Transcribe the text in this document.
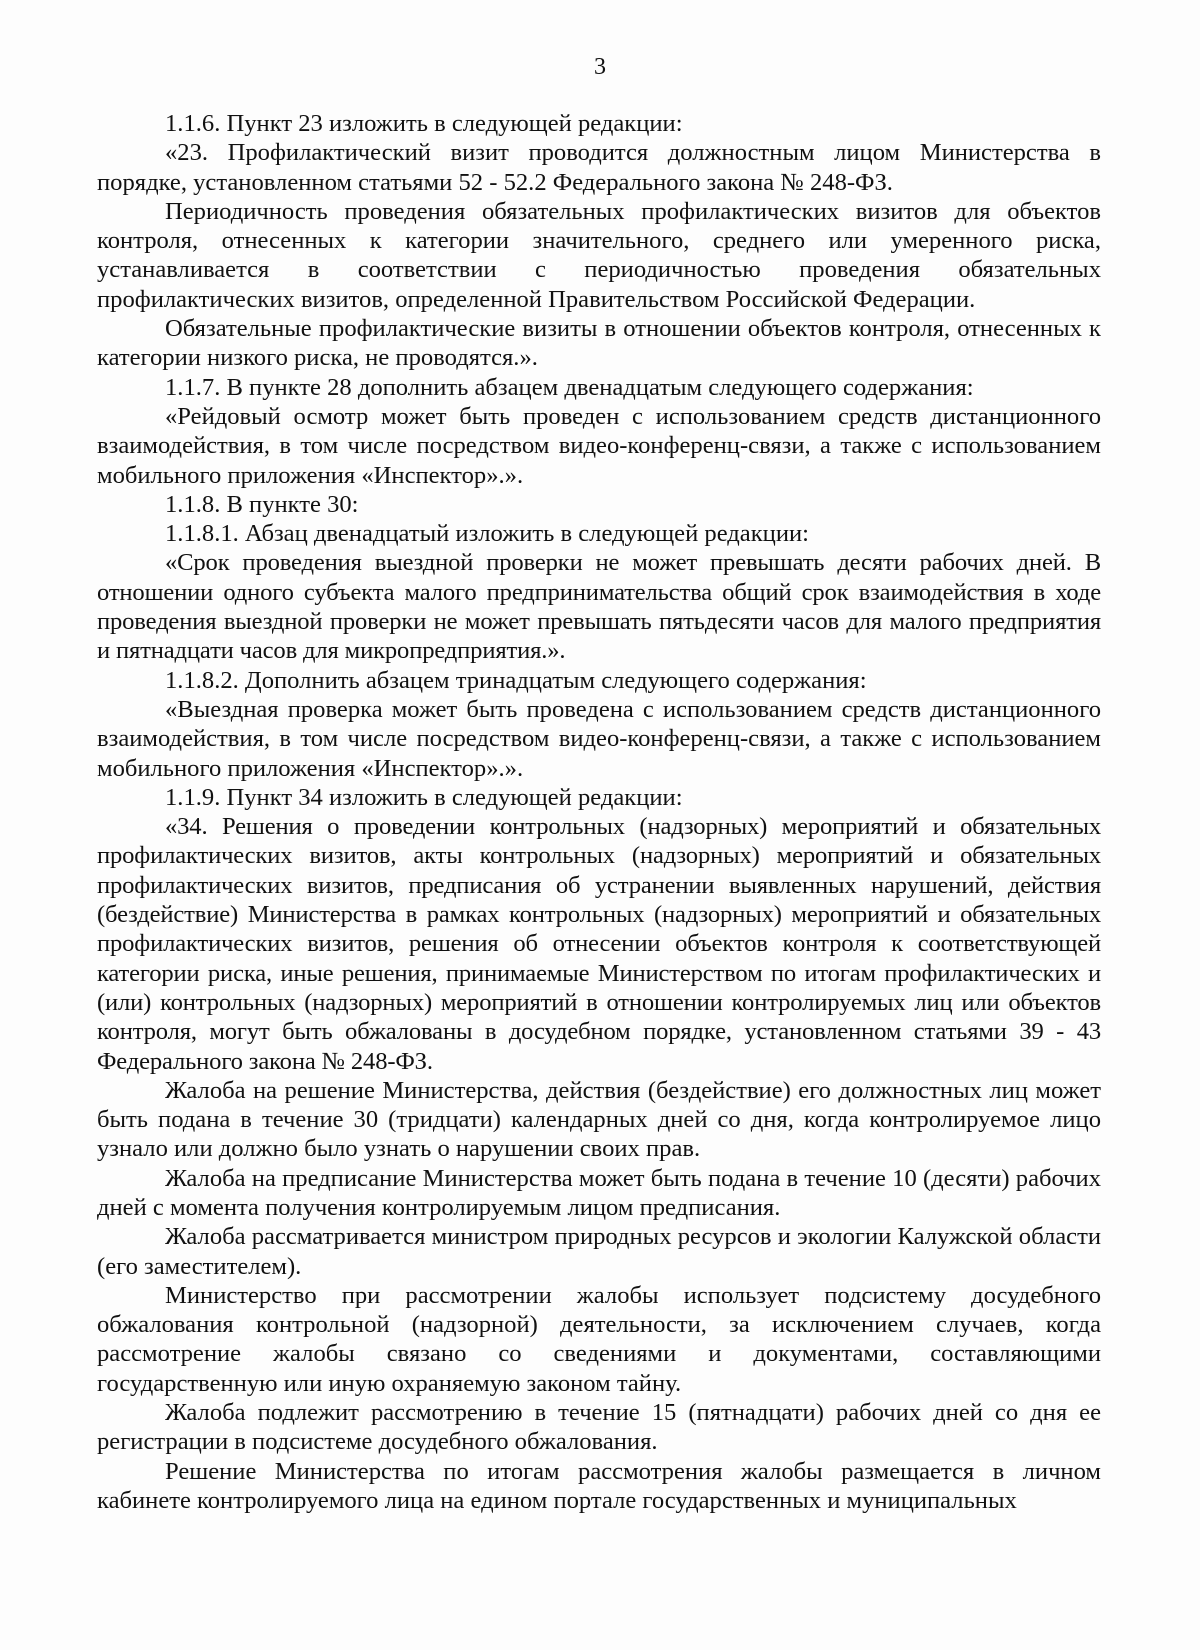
3

1.1.6. Пункт 23 изложить в следующей редакции:

«23. Профилактический визит проводится должностным лицом Министерства в порядке, установленном статьями 52 - 52.2 Федерального закона № 248-ФЗ.

Периодичность проведения обязательных профилактических визитов для объектов контроля, отнесенных к категории значительного, среднего или умеренного риска, устанавливается в соответствии с периодичностью проведения обязательных профилактических визитов, определенной Правительством Российской Федерации.

Обязательные профилактические визиты в отношении объектов контроля, отнесенных к категории низкого риска, не проводятся.».

1.1.7. В пункте 28 дополнить абзацем двенадцатым следующего содержания:

«Рейдовый осмотр может быть проведен с использованием средств дистанционного взаимодействия, в том числе посредством видео-конференц-связи, а также с использованием мобильного приложения «Инспектор».».

1.1.8. В пункте 30:

1.1.8.1. Абзац двенадцатый изложить в следующей редакции:

«Срок проведения выездной проверки не может превышать десяти рабочих дней. В отношении одного субъекта малого предпринимательства общий срок взаимодействия в ходе проведения выездной проверки не может превышать пятьдесяти часов для малого предприятия и пятнадцати часов для микропредприятия.».

1.1.8.2. Дополнить абзацем тринадцатым следующего содержания:

«Выездная проверка может быть проведена с использованием средств дистанционного взаимодействия, в том числе посредством видео-конференц-связи, а также с использованием мобильного приложения «Инспектор».».

1.1.9. Пункт 34 изложить в следующей редакции:

«34. Решения о проведении контрольных (надзорных) мероприятий и обязательных профилактических визитов, акты контрольных (надзорных) мероприятий и обязательных профилактических визитов, предписания об устранении выявленных нарушений, действия (бездействие) Министерства в рамках контрольных (надзорных) мероприятий и обязательных профилактических визитов, решения об отнесении объектов контроля к соответствующей категории риска, иные решения, принимаемые Министерством по итогам профилактических и (или) контрольных (надзорных) мероприятий в отношении контролируемых лиц или объектов контроля, могут быть обжалованы в досудебном порядке, установленном статьями 39 - 43 Федерального закона № 248-ФЗ.

Жалоба на решение Министерства, действия (бездействие) его должностных лиц может быть подана в течение 30 (тридцати) календарных дней со дня, когда контролируемое лицо узнало или должно было узнать о нарушении своих прав.

Жалоба на предписание Министерства может быть подана в течение 10 (десяти) рабочих дней с момента получения контролируемым лицом предписания.

Жалоба рассматривается министром природных ресурсов и экологии Калужской области (его заместителем).

Министерство при рассмотрении жалобы использует подсистему досудебного обжалования контрольной (надзорной) деятельности, за исключением случаев, когда рассмотрение жалобы связано со сведениями и документами, составляющими государственную или иную охраняемую законом тайну.

Жалоба подлежит рассмотрению в течение 15 (пятнадцати) рабочих дней со дня ее регистрации в подсистеме досудебного обжалования.

Решение Министерства по итогам рассмотрения жалобы размещается в личном кабинете контролируемого лица на едином портале государственных и муниципальных
